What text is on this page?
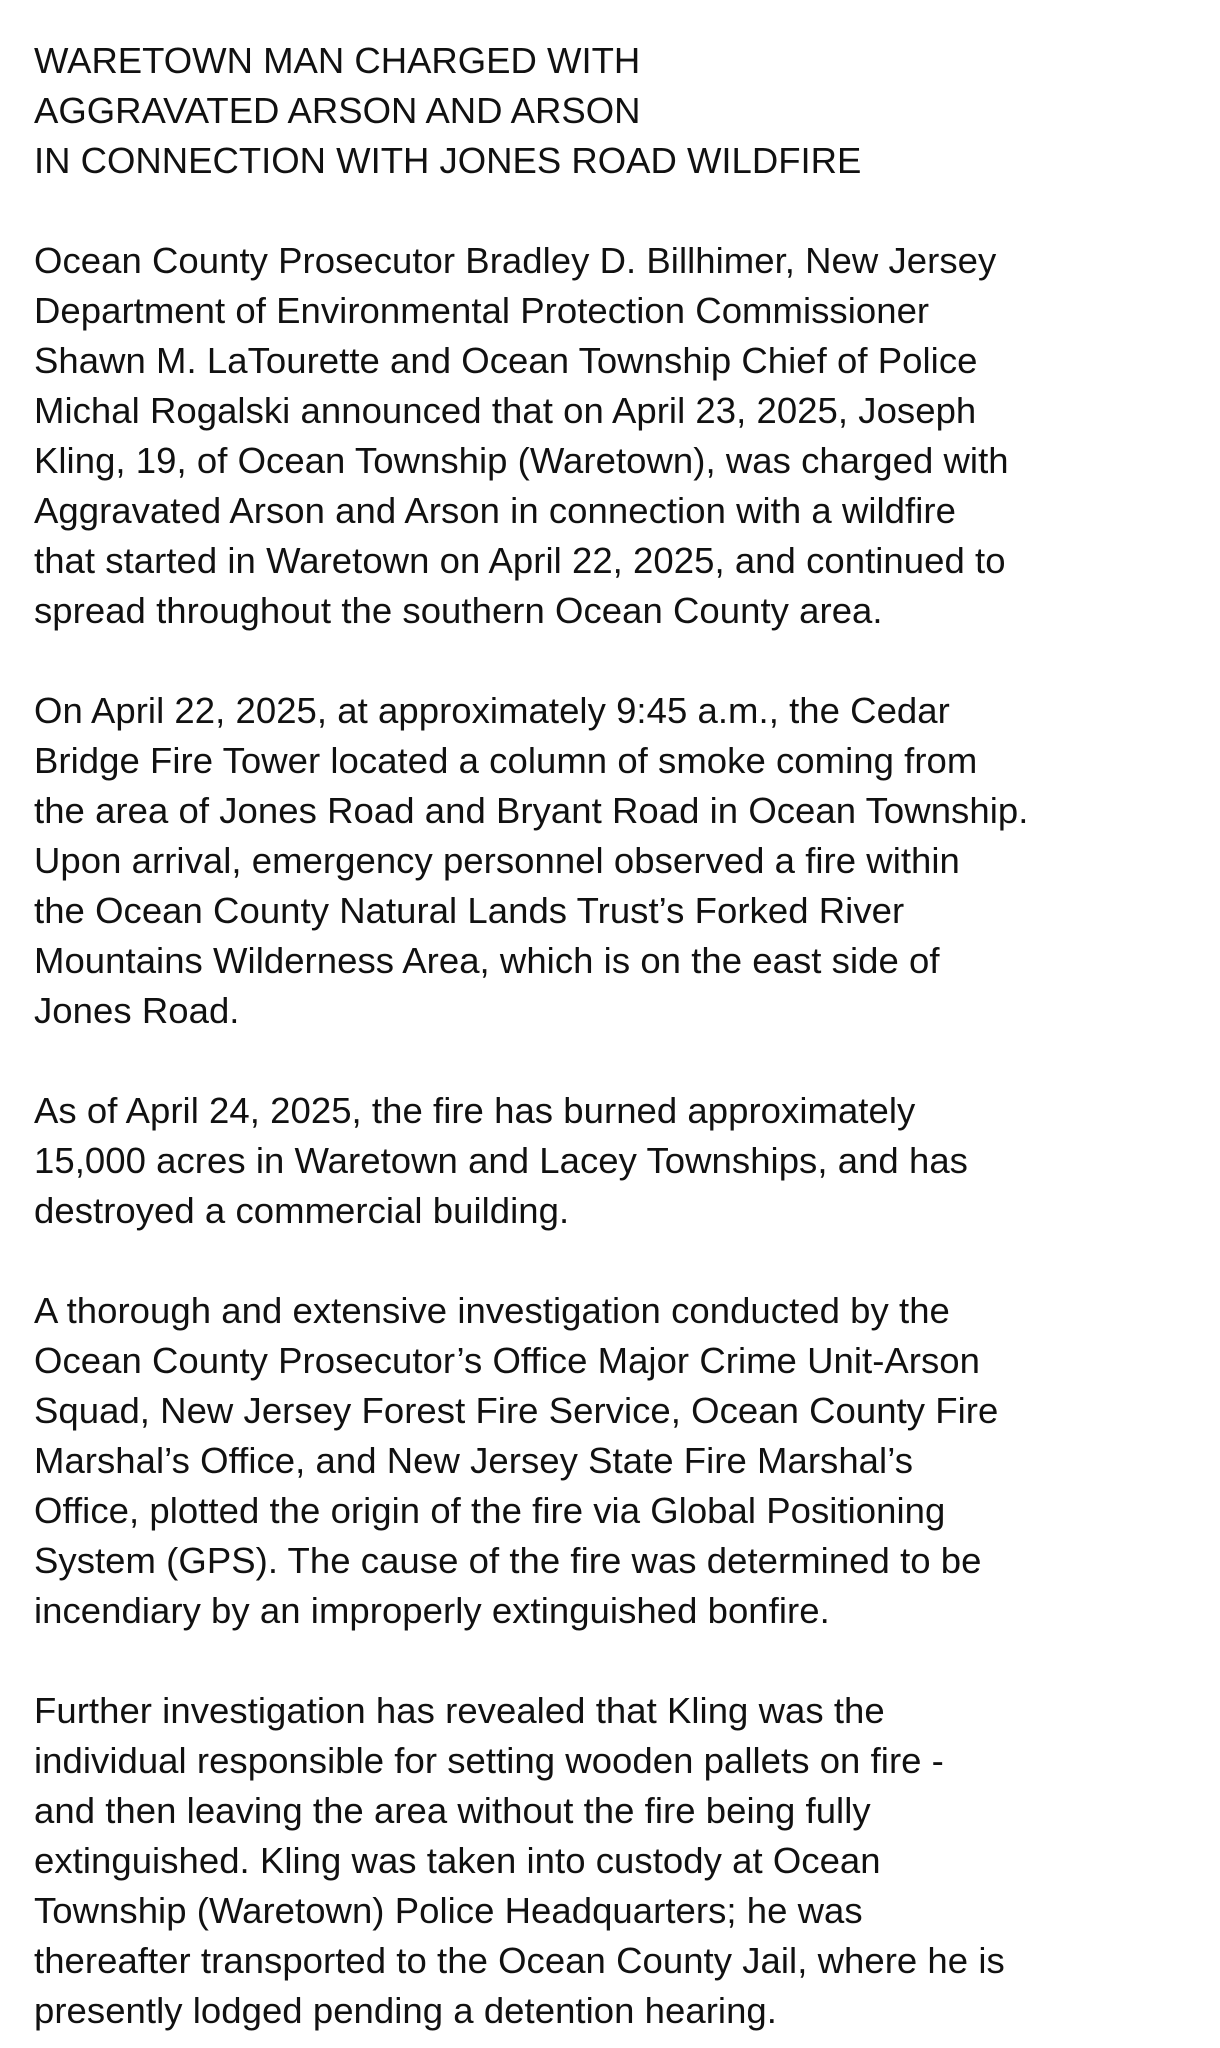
WARETOWN MAN CHARGED WITH
AGGRAVATED ARSON AND ARSON
IN CONNECTION WITH JONES ROAD WILDFIRE
Ocean County Prosecutor Bradley D. Billhimer, New Jersey
Department of Environmental Protection Commissioner
Shawn M. LaTourette and Ocean Township Chief of Police
Michal Rogalski announced that on April 23, 2025, Joseph
Kling, 19, of Ocean Township (Waretown), was charged with
Aggravated Arson and Arson in connection with a wildfire
that started in Waretown on April 22, 2025, and continued to
spread throughout the southern Ocean County area.
On April 22, 2025, at approximately 9:45 a.m., the Cedar
Bridge Fire Tower located a column of smoke coming from
the area of Jones Road and Bryant Road in Ocean Township.
Upon arrival, emergency personnel observed a fire within
the Ocean County Natural Lands Trust’s Forked River
Mountains Wilderness Area, which is on the east side of
Jones Road.
As of April 24, 2025, the fire has burned approximately
15,000 acres in Waretown and Lacey Townships, and has
destroyed a commercial building.
A thorough and extensive investigation conducted by the
Ocean County Prosecutor’s Office Major Crime Unit-Arson
Squad, New Jersey Forest Fire Service, Ocean County Fire
Marshal’s Office, and New Jersey State Fire Marshal’s
Office, plotted the origin of the fire via Global Positioning
System (GPS). The cause of the fire was determined to be
incendiary by an improperly extinguished bonfire.
Further investigation has revealed that Kling was the
individual responsible for setting wooden pallets on fire -
and then leaving the area without the fire being fully
extinguished. Kling was taken into custody at Ocean
Township (Waretown) Police Headquarters; he was
thereafter transported to the Ocean County Jail, where he is
presently lodged pending a detention hearing.
